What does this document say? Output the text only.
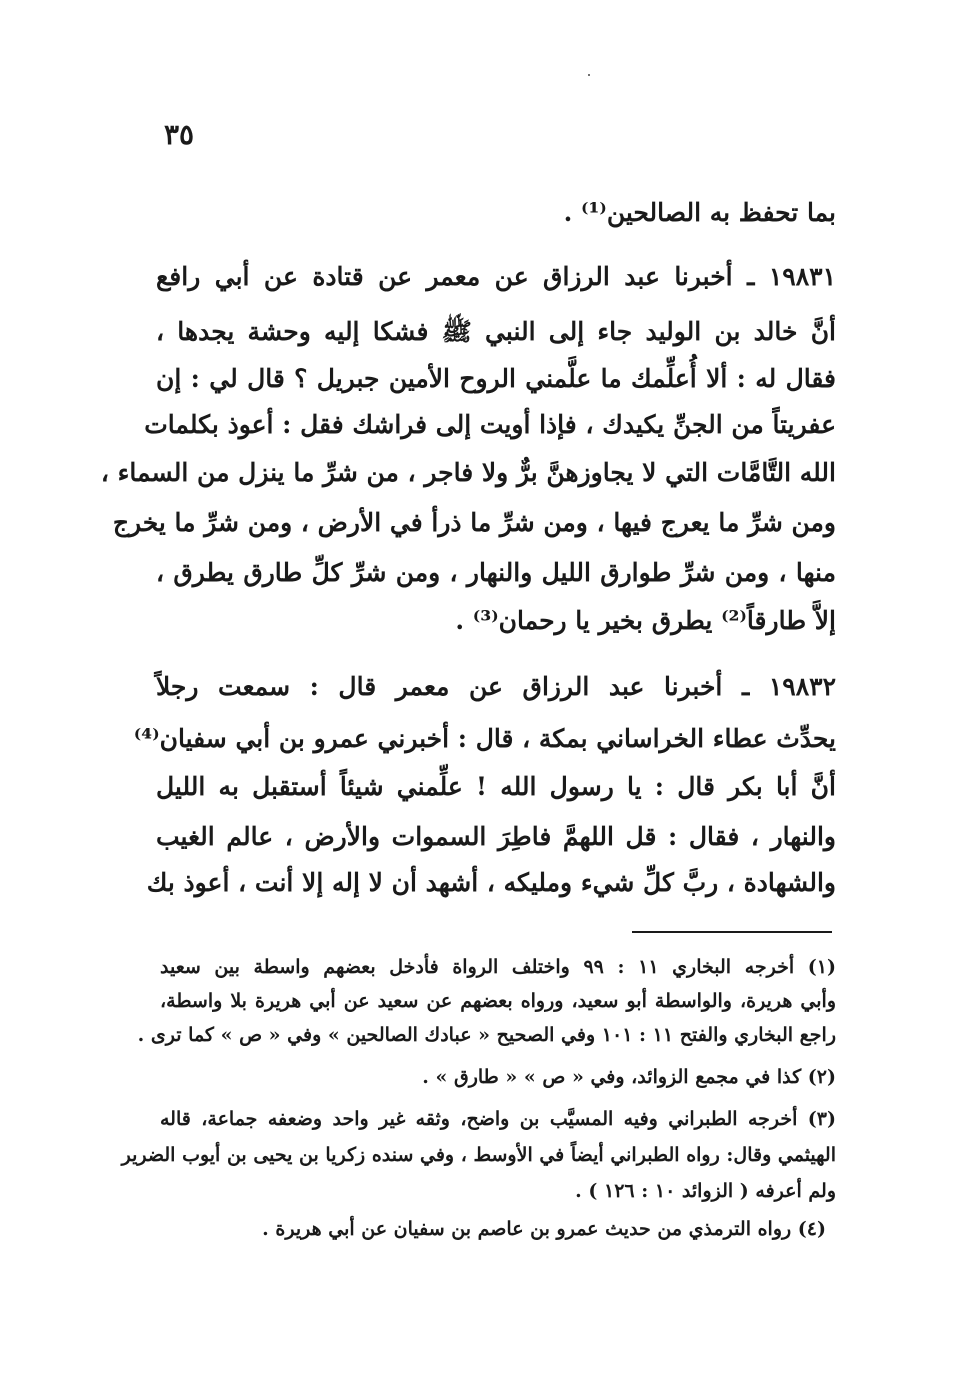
٣٥
بما تحفظ به الصالحين⁽¹⁾ .
١٩٨٣١ ـ أخبرنا عبد الرزاق عن معمر عن قتادة عن أبي رافع
أنَّ خالد بن الوليد جاء إلى النبي ﷺ فشكا إليه وحشة يجدها ،
فقال له : ألا أُعلِّمك ما علَّمني الروح الأمين جبريل ؟ قال لي : إن
عفريتاً من الجنِّ يكيدك ، فإذا أويت إلى فراشك فقل : أعوذ بكلمات
الله التَّامَّات التي لا يجاوزهنَّ برٌّ ولا فاجر ، من شرِّ ما ينزل من السماء ،
ومن شرِّ ما يعرج فيها ، ومن شرِّ ما ذرأ في الأرض ، ومن شرِّ ما يخرج
منها ، ومن شرِّ طوارق الليل والنهار ، ومن شرِّ كلِّ طارق يطرق ،
إلاَّ طارقاً⁽²⁾ يطرق بخير يا رحمان⁽³⁾ .
١٩٨٣٢ ـ أخبرنا عبد الرزاق عن معمر قال : سمعت رجلاً
يحدِّث عطاء الخراساني بمكة ، قال : أخبرني عمرو بن أبي سفيان⁽⁴⁾
أنَّ أبا بكر قال : يا رسول الله ! علِّمني شيئاً أستقبل به الليل
والنهار ، فقال : قل اللهمَّ فاطِرَ السموات والأرض ، عالم الغيب
والشهادة ، ربَّ كلِّ شيء ومليكه ، أشهد أن لا إله إلا أنت ، أعوذ بك
(١) أخرجه البخاري ١١ : ٩٩ واختلف الرواة فأدخل بعضهم واسطة بين سعيد
وأبي هريرة، والواسطة أبو سعيد، ورواه بعضهم عن سعيد عن أبي هريرة بلا واسطة،
راجع البخاري والفتح ١١ : ١٠١ وفي الصحيح « عبادك الصالحين » وفي « ص » كما ترى .
(٢) كذا في مجمع الزوائد، وفي « ص » « طارق » .
(٣) أخرجه الطبراني وفيه المسيَّب بن واضح، وثقه غير واحد وضعفه جماعة، قاله
الهيثمي وقال: رواه الطبراني أيضاً في الأوسط ، وفي سنده زكريا بن يحيى بن أيوب الضرير
ولم أعرفه ( الزوائد ١٠ : ١٢٦ ) .
(٤) رواه الترمذي من حديث عمرو بن عاصم بن سفيان عن أبي هريرة .
